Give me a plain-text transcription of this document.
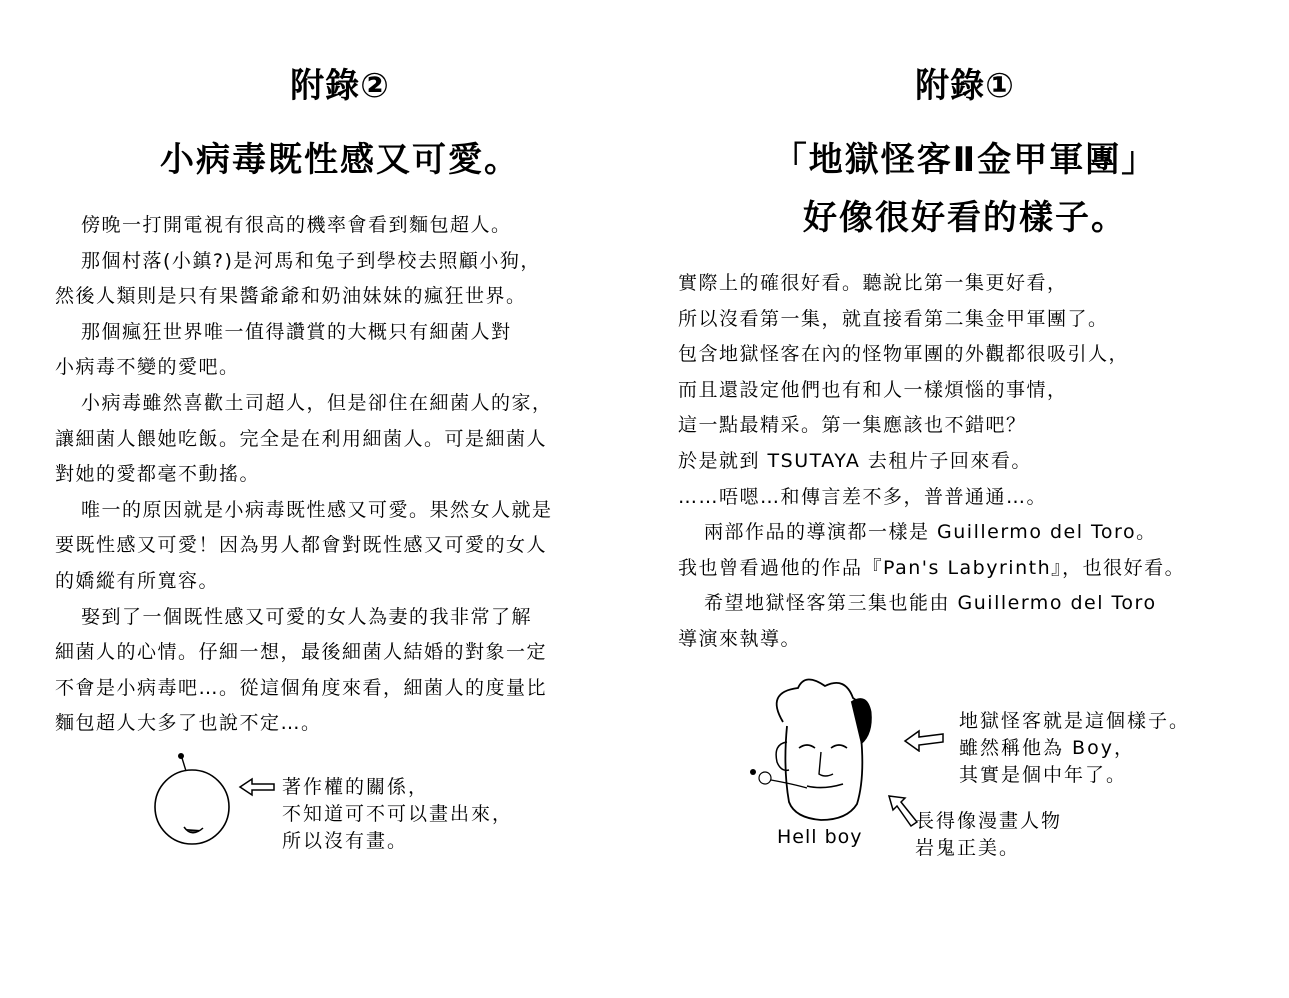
附錄②
小病毒既性感又可愛。
傍晚一打開電視有很高的機率會看到麵包超人。
那個村落(小鎮?)是河馬和兔子到學校去照顧小狗，
然後人類則是只有果醬爺爺和奶油妹妹的瘋狂世界。
那個瘋狂世界唯一值得讚賞的大概只有細菌人對
小病毒不變的愛吧。
小病毒雖然喜歡土司超人，但是卻住在細菌人的家，
讓細菌人餵她吃飯。完全是在利用細菌人。可是細菌人
對她的愛都毫不動搖。
唯一的原因就是小病毒既性感又可愛。果然女人就是
要既性感又可愛！因為男人都會對既性感又可愛的女人
的嬌縱有所寬容。
娶到了一個既性感又可愛的女人為妻的我非常了解
細菌人的心情。仔細一想，最後細菌人結婚的對象一定
不會是小病毒吧…。從這個角度來看，細菌人的度量比
麵包超人大多了也說不定…。
著作權的關係，
不知道可不可以畫出來，
所以沒有畫。
附錄①
「地獄怪客Ⅱ金甲軍團」
好像很好看的樣子。
實際上的確很好看。聽說比第一集更好看，
所以沒看第一集，就直接看第二集金甲軍團了。
包含地獄怪客在內的怪物軍團的外觀都很吸引人，
而且還設定他們也有和人一樣煩惱的事情，
這一點最精采。第一集應該也不錯吧？
於是就到 TSUTAYA 去租片子回來看。
……唔嗯…和傳言差不多，普普通通…。
兩部作品的導演都一樣是 Guillermo del Toro。
我也曾看過他的作品『Pan's Labyrinth』，也很好看。
希望地獄怪客第三集也能由 Guillermo del Toro
導演來執導。
Hell boy
地獄怪客就是這個樣子。
雖然稱他為 Boy，
其實是個中年了。
長得像漫畫人物
岩鬼正美。
